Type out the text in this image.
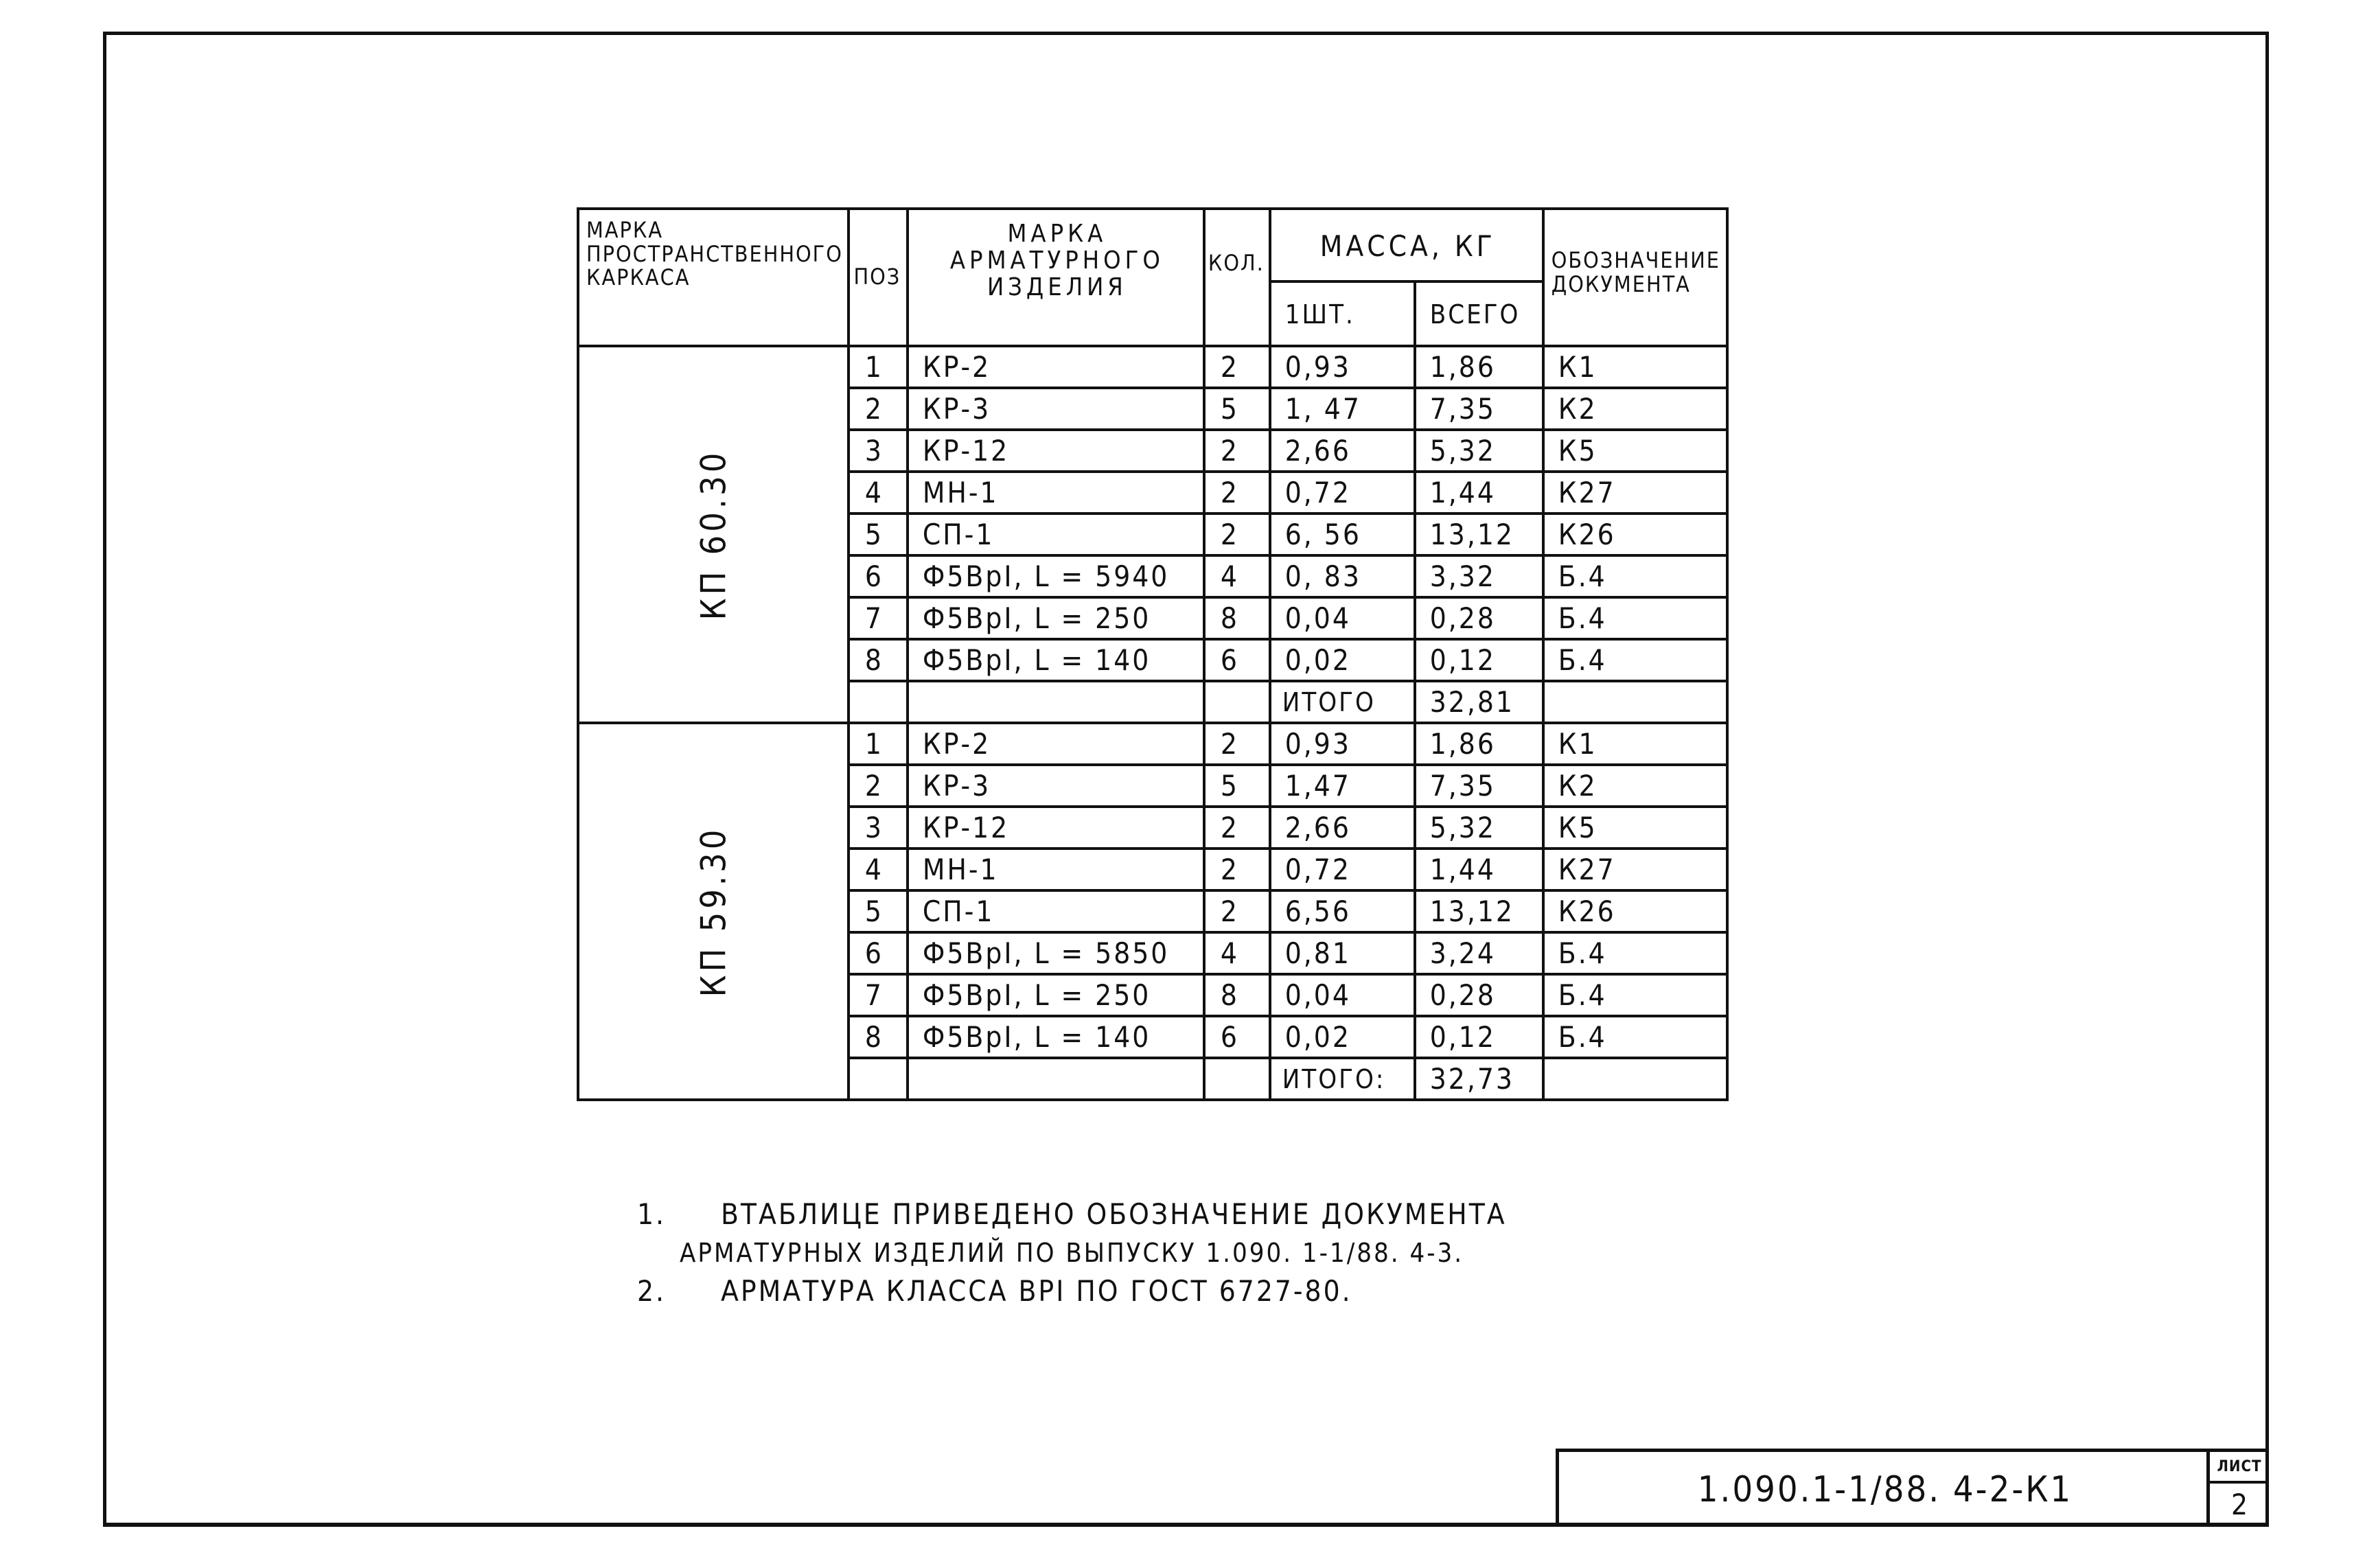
МАРКА ПРОСТРАНСТВЕННОГО КАРКАСА	ПОЗ	МАРКА АРМАТУРНОГО ИЗДЕЛИЯ	КОЛ.	МАССА, КГ		ОБОЗНАЧЕНИЕ ДОКУМЕНТА
				1ШТ.	ВСЕГО	
КП 60.30	1	КР-2	2	0,93	1,86	К1
	2	КР-3	5	1, 47	7,35	К2
	3	КР-12	2	2,66	5,32	К5
	4	МН-1	2	0,72	1,44	К27
	5	СП-1	2	6, 56	13,12	К26
	6	Ф5ВрI, L = 5940	4	0, 83	3,32	Б.4
	7	Ф5ВрI, L = 250	8	0,04	0,28	Б.4
	8	Ф5ВрI, L = 140	6	0,02	0,12	Б.4
				ИТОГО	32,81	
КП 59.30	1	КР-2	2	0,93	1,86	К1
	2	КР-3	5	1,47	7,35	К2
	3	КР-12	2	2,66	5,32	К5
	4	МН-1	2	0,72	1,44	К27
	5	СП-1	2	6,56	13,12	К26
	6	Ф5ВрI, L = 5850	4	0,81	3,24	Б.4
	7	Ф5ВрI, L = 250	8	0,04	0,28	Б.4
	8	Ф5ВрI, L = 140	6	0,02	0,12	Б.4
				ИТОГО:	32,73	
1. ВТАБЛИЦЕ ПРИВЕДЕНО ОБОЗНАЧЕНИЕ ДОКУМЕНТА
АРМАТУРНЫХ ИЗДЕЛИЙ ПО ВЫПУСКУ 1.090. 1-1/88. 4-3.
2. АРМАТУРА КЛАССА ВРI ПО ГОСТ 6727-80.
1.090.1-1/88. 4-2-К1
ЛИСТ
2
